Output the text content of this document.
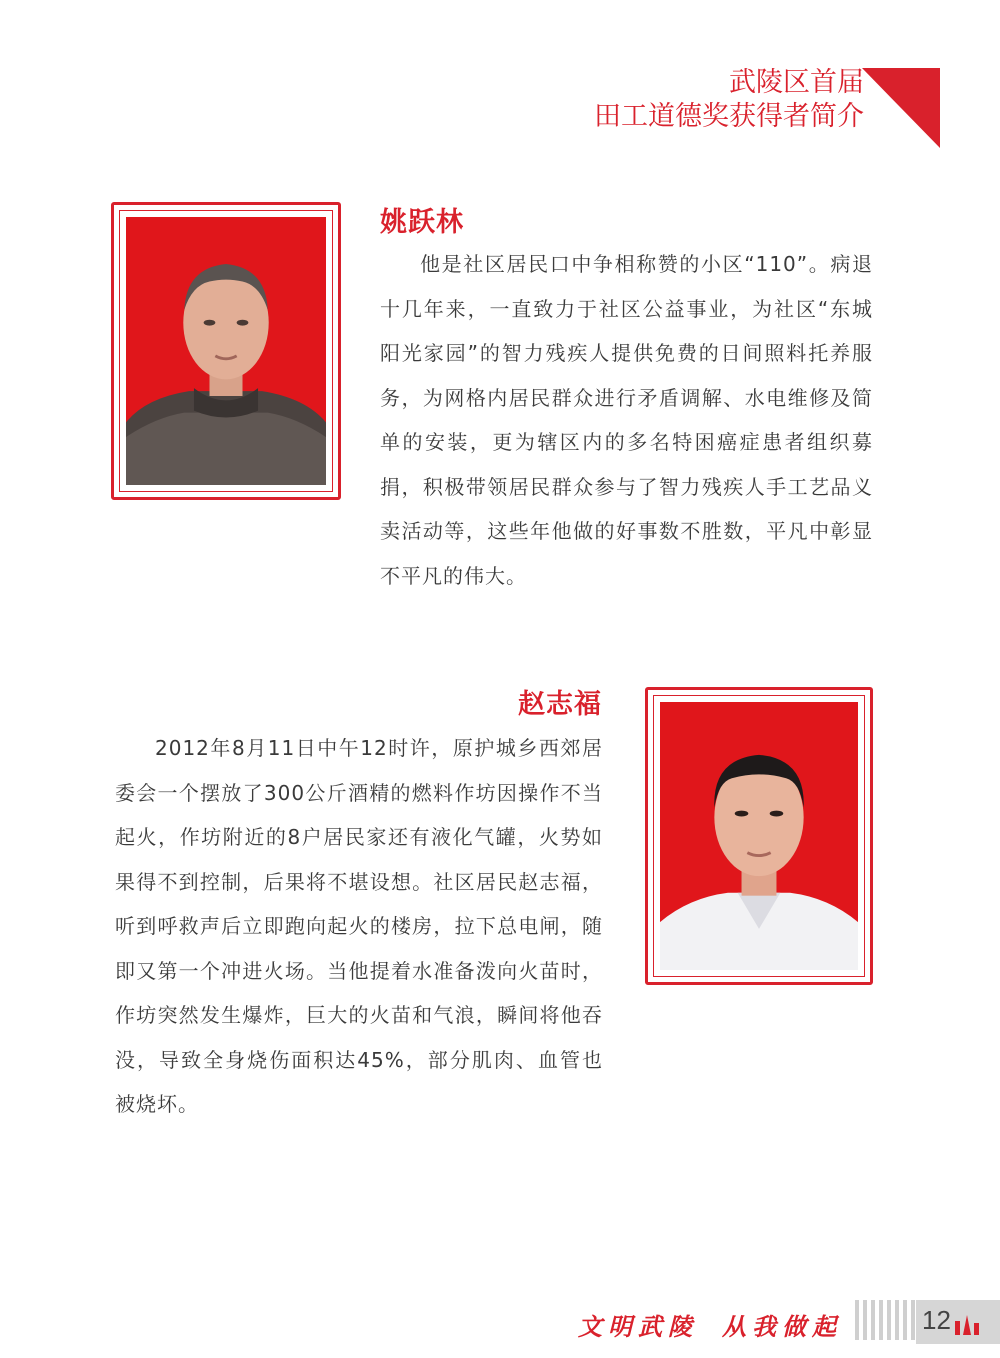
武陵区首届
田工道德奖获得者简介
姚跃林

他是社区居民口中争相称赞的小区“110”。病退十几年来，一直致力于社区公益事业，为社区“东城阳光家园”的智力残疾人提供免费的日间照料托养服务，为网格内居民群众进行矛盾调解、水电维修及简单的安装，更为辖区内的多名特困癌症患者组织募捐，积极带领居民群众参与了智力残疾人手工艺品义卖活动等，这些年他做的好事数不胜数，平凡中彰显不平凡的伟大。

赵志福

2012年8月11日中午12时许，原护城乡西郊居委会一个摆放了300公斤酒精的燃料作坊因操作不当起火，作坊附近的8户居民家还有液化气罐，火势如果得不到控制，后果将不堪设想。社区居民赵志福，听到呼救声后立即跑向起火的楼房，拉下总电闸，随即又第一个冲进火场。当他提着水准备泼向火苗时，作坊突然发生爆炸，巨大的火苗和气浪，瞬间将他吞没，导致全身烧伤面积达45%，部分肌肉、血管也被烧坏。

文明武陵 从我做起	12
